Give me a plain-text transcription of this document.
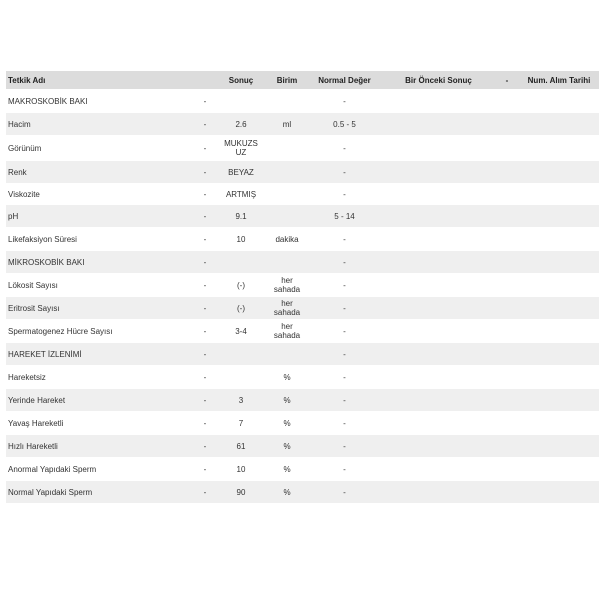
Tetkik Adı		Sonuç	Birim	Normal Değer	Bir Önceki Sonuç	-	Num. Alım Tarihi
MAKROSKOBİK BAKI	-			-			
Hacim	-	2.6	ml	0.5 - 5			
Görünüm	-	MUKUZSUZ		-			
Renk	-	BEYAZ		-			
Viskozite	-	ARTMIŞ		-			
pH	-	9.1		5 - 14			
Likefaksiyon Süresi	-	10	dakika	-			
MİKROSKOBİK BAKI	-			-			
Lökosit Sayısı	-	(-)	her sahada	-			
Eritrosit Sayısı	-	(-)	her sahada	-			
Spermatogenez Hücre Sayısı	-	3-4	her sahada	-			
HAREKET İZLENİMİ	-			-			
Hareketsiz	-		%	-			
Yerinde Hareket	-	3	%	-			
Yavaş Hareketli	-	7	%	-			
Hızlı Hareketli	-	61	%	-			
Anormal Yapıdaki Sperm	-	10	%	-			
Normal Yapıdaki Sperm	-	90	%	-			
